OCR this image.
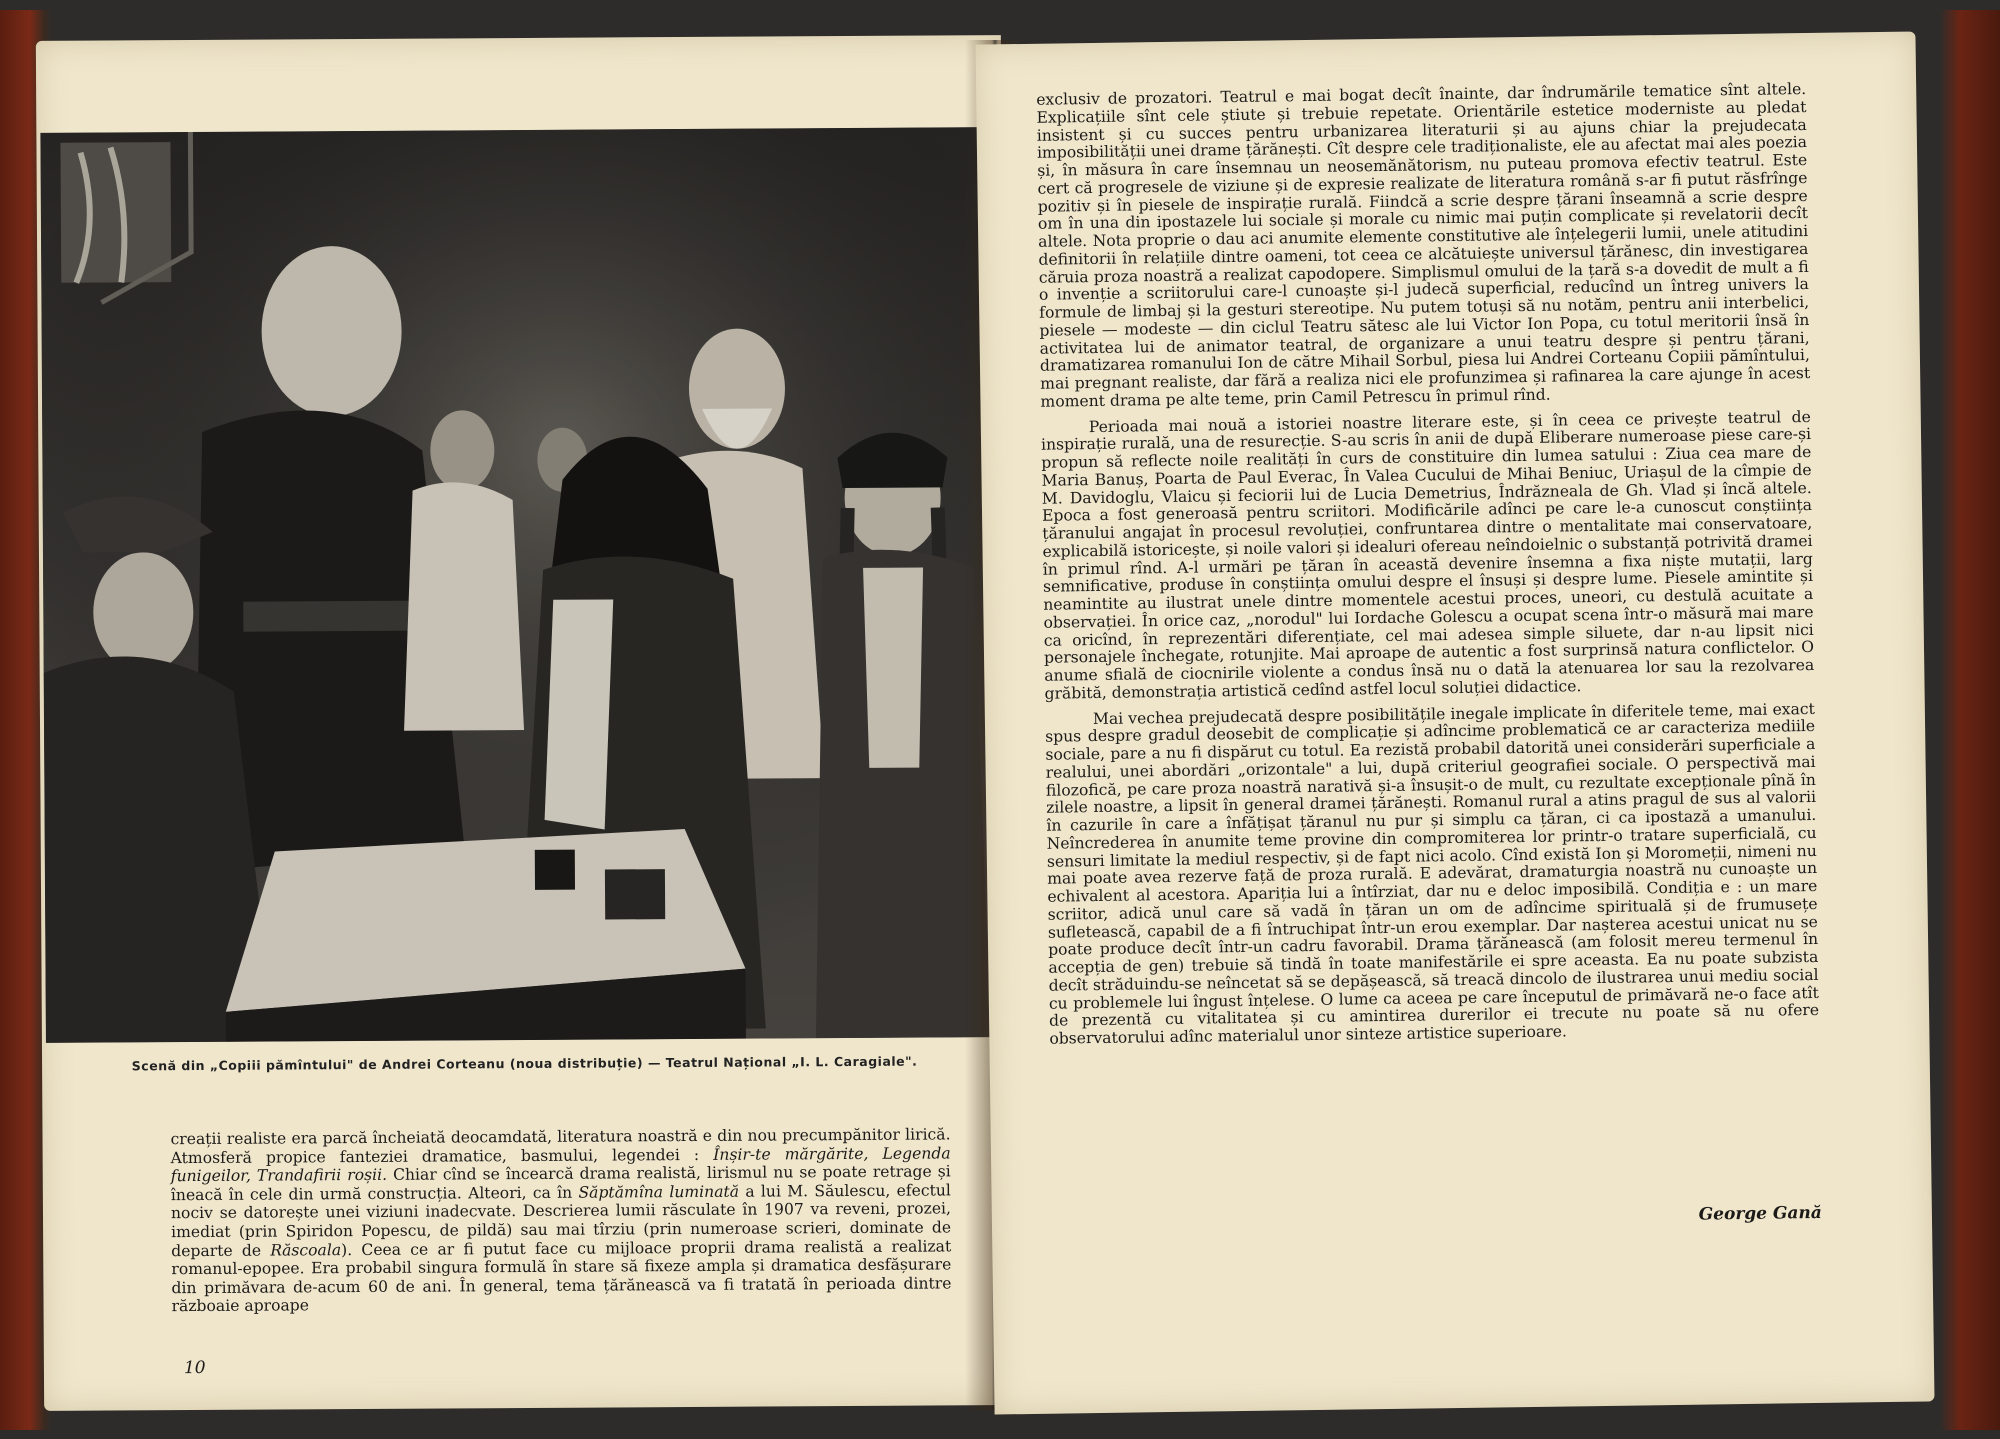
Scenă din „Copiii pămîntului" de Andrei Corteanu (noua distribuție) — Teatrul Național „I. L. Caragiale".

creații realiste era parcă încheiată deocamdată, literatura noastră e din nou precumpănitor lirică. Atmosferă propice fanteziei dramatice, basmului, legendei : Înșir-te mărgărite, Legenda funigeilor, Trandafirii roșii. Chiar cînd se încearcă drama realistă, lirismul nu se poate retrage și îneacă în cele din urmă construcția. Alteori, ca în Săptămîna luminată a lui M. Săulescu, efectul nociv se datorește unei viziuni inadecvate. Descrierea lumii răsculate în 1907 va reveni, prozei, imediat (prin Spiridon Popescu, de pildă) sau mai tîrziu (prin numeroase scrieri, dominate de departe de Răscoala). Ceea ce ar fi putut face cu mijloace proprii drama realistă a realizat romanul-epopee. Era probabil singura formulă în stare să fixeze ampla și dramatica desfășurare din primăvara de-acum 60 de ani. În general, tema țărănească va fi tratată în perioada dintre războaie aproape

10

exclusiv de prozatori. Teatrul e mai bogat decît înainte, dar îndrumările tematice sînt altele. Explicațiile sînt cele știute și trebuie repetate. Orientările estetice moderniste au pledat insistent și cu succes pentru urbanizarea literaturii și au ajuns chiar la prejudecata imposibilității unei drame țărănești. Cît despre cele tradiționaliste, ele au afectat mai ales poezia și, în măsura în care însemnau un neosemănătorism, nu puteau promova efectiv teatrul. Este cert că progresele de viziune și de expresie realizate de literatura română s-ar fi putut răsfrînge pozitiv și în piesele de inspirație rurală. Fiindcă a scrie despre țărani înseamnă a scrie despre om în una din ipostazele lui sociale și morale cu nimic mai puțin complicate și revelatorii decît altele. Nota proprie o dau aci anumite elemente constitutive ale înțelegerii lumii, unele atitudini definitorii în relațiile dintre oameni, tot ceea ce alcătuiește universul țărănesc, din investigarea căruia proza noastră a realizat capodopere. Simplismul omului de la țară s-a dovedit de mult a fi o invenție a scriitorului care-l cunoaște și-l judecă superficial, reducînd un întreg univers la formule de limbaj și la gesturi stereotipe. Nu putem totuși să nu notăm, pentru anii interbelici, piesele — modeste — din ciclul Teatru sătesc ale lui Victor Ion Popa, cu totul meritorii însă în activitatea lui de animator teatral, de organizare a unui teatru despre și pentru țărani, dramatizarea romanului Ion de către Mihail Sorbul, piesa lui Andrei Corteanu Copiii pămîntului, mai pregnant realiste, dar fără a realiza nici ele profunzimea și rafinarea la care ajunge în acest moment drama pe alte teme, prin Camil Petrescu în primul rînd.

Perioada mai nouă a istoriei noastre literare este, și în ceea ce privește teatrul de inspirație rurală, una de resurecție. S-au scris în anii de după Eliberare numeroase piese care-și propun să reflecte noile realități în curs de constituire din lumea satului : Ziua cea mare de Maria Banuș, Poarta de Paul Everac, În Valea Cucului de Mihai Beniuc, Uriașul de la cîmpie de M. Davidoglu, Vlaicu și feciorii lui de Lucia Demetrius, Îndrăzneala de Gh. Vlad și încă altele. Epoca a fost generoasă pentru scriitori. Modificările adînci pe care le-a cunoscut conștiința țăranului angajat în procesul revoluției, confruntarea dintre o mentalitate mai conservatoare, explicabilă istoricește, și noile valori și idealuri ofereau neîndoielnic o substanță potrivită dramei în primul rînd. A-l urmări pe țăran în această devenire însemna a fixa niște mutații, larg semnificative, produse în conștiința omului despre el însuși și despre lume. Piesele amintite și neamintite au ilustrat unele dintre momentele acestui proces, uneori, cu destulă acuitate a observației. În orice caz, „norodul" lui Iordache Golescu a ocupat scena într-o măsură mai mare ca oricînd, în reprezentări diferențiate, cel mai adesea simple siluete, dar n-au lipsit nici personajele închegate, rotunjite. Mai aproape de autentic a fost surprinsă natura conflictelor. O anume sfială de ciocnirile violente a condus însă nu o dată la atenuarea lor sau la rezolvarea grăbită, demonstrația artistică cedînd astfel locul soluției didactice.

Mai vechea prejudecată despre posibilitățile inegale implicate în diferitele teme, mai exact spus despre gradul deosebit de complicație și adîncime problematică ce ar caracteriza mediile sociale, pare a nu fi dispărut cu totul. Ea rezistă probabil datorită unei considerări superficiale a realului, unei abordări „orizontale" a lui, după criteriul geografiei sociale. O perspectivă mai filozofică, pe care proza noastră narativă și-a însușit-o de mult, cu rezultate excepționale pînă în zilele noastre, a lipsit în general dramei țărănești. Romanul rural a atins pragul de sus al valorii în cazurile în care a înfățișat țăranul nu pur și simplu ca țăran, ci ca ipostază a umanului. Neîncrederea în anumite teme provine din compromiterea lor printr-o tratare superficială, cu sensuri limitate la mediul respectiv, și de fapt nici acolo. Cînd există Ion și Moromeții, nimeni nu mai poate avea rezerve față de proza rurală. E adevărat, dramaturgia noastră nu cunoaște un echivalent al acestora. Apariția lui a întîrziat, dar nu e deloc imposibilă. Condiția e : un mare scriitor, adică unul care să vadă în țăran un om de adîncime spirituală și de frumusețe sufletească, capabil de a fi întruchipat într-un erou exemplar. Dar nașterea acestui unicat nu se poate produce decît într-un cadru favorabil. Drama țărănească (am folosit mereu termenul în accepția de gen) trebuie să tindă în toate manifestările ei spre aceasta. Ea nu poate subzista decît străduindu-se neîncetat să se depășească, să treacă dincolo de ilustrarea unui mediu social cu problemele lui îngust înțelese. O lume ca aceea pe care începutul de primăvară ne-o face atît de prezentă cu vitalitatea și cu amintirea durerilor ei trecute nu poate să nu ofere observatorului adînc materialul unor sinteze artistice superioare.

George Gană
